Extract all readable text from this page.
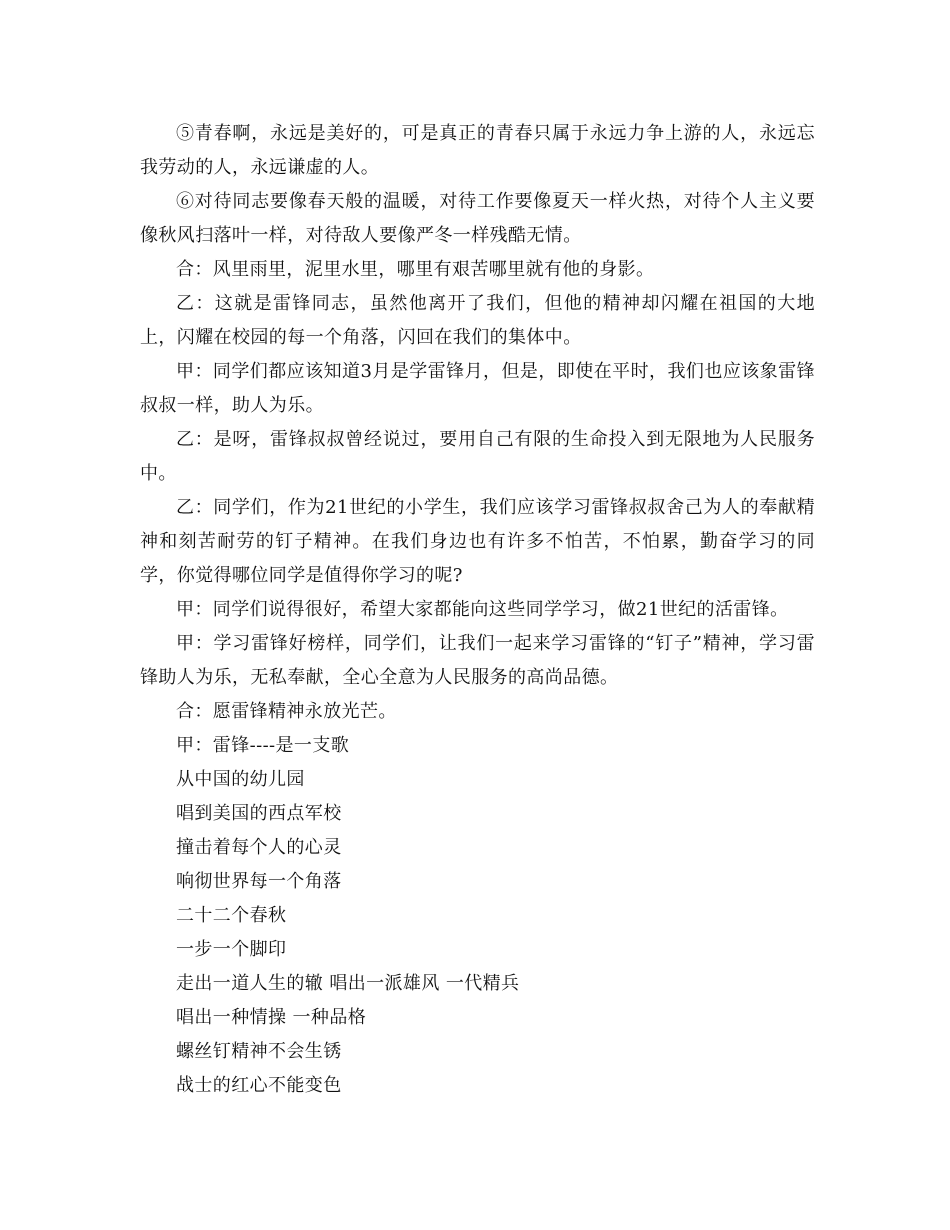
⑤青春啊，永远是美好的，可是真正的青春只属于永远力争上游的人，永远忘我劳动的人，永远谦虚的人。

⑥对待同志要像春天般的温暖，对待工作要像夏天一样火热，对待个人主义要像秋风扫落叶一样，对待敌人要像严冬一样残酷无情。

合：风里雨里，泥里水里，哪里有艰苦哪里就有他的身影。

乙：这就是雷锋同志，虽然他离开了我们，但他的精神却闪耀在祖国的大地上，闪耀在校园的每一个角落，闪回在我们的集体中。

甲：同学们都应该知道3月是学雷锋月，但是，即使在平时，我们也应该象雷锋叔叔一样，助人为乐。

乙：是呀，雷锋叔叔曾经说过，要用自己有限的生命投入到无限地为人民服务中。

乙：同学们，作为21世纪的小学生，我们应该学习雷锋叔叔舍己为人的奉献精神和刻苦耐劳的钉子精神。在我们身边也有许多不怕苦，不怕累，勤奋学习的同学，你觉得哪位同学是值得你学习的呢?

甲：同学们说得很好，希望大家都能向这些同学学习，做21世纪的活雷锋。

甲：学习雷锋好榜样，同学们，让我们一起来学习雷锋的“钉子”精神，学习雷锋助人为乐，无私奉献，全心全意为人民服务的高尚品德。

合：愿雷锋精神永放光芒。

甲：雷锋----是一支歌

从中国的幼儿园

唱到美国的西点军校

撞击着每个人的心灵

响彻世界每一个角落

二十二个春秋

一步一个脚印

走出一道人生的辙 唱出一派雄风 一代精兵

唱出一种情操 一种品格

螺丝钉精神不会生锈

战士的红心不能变色
